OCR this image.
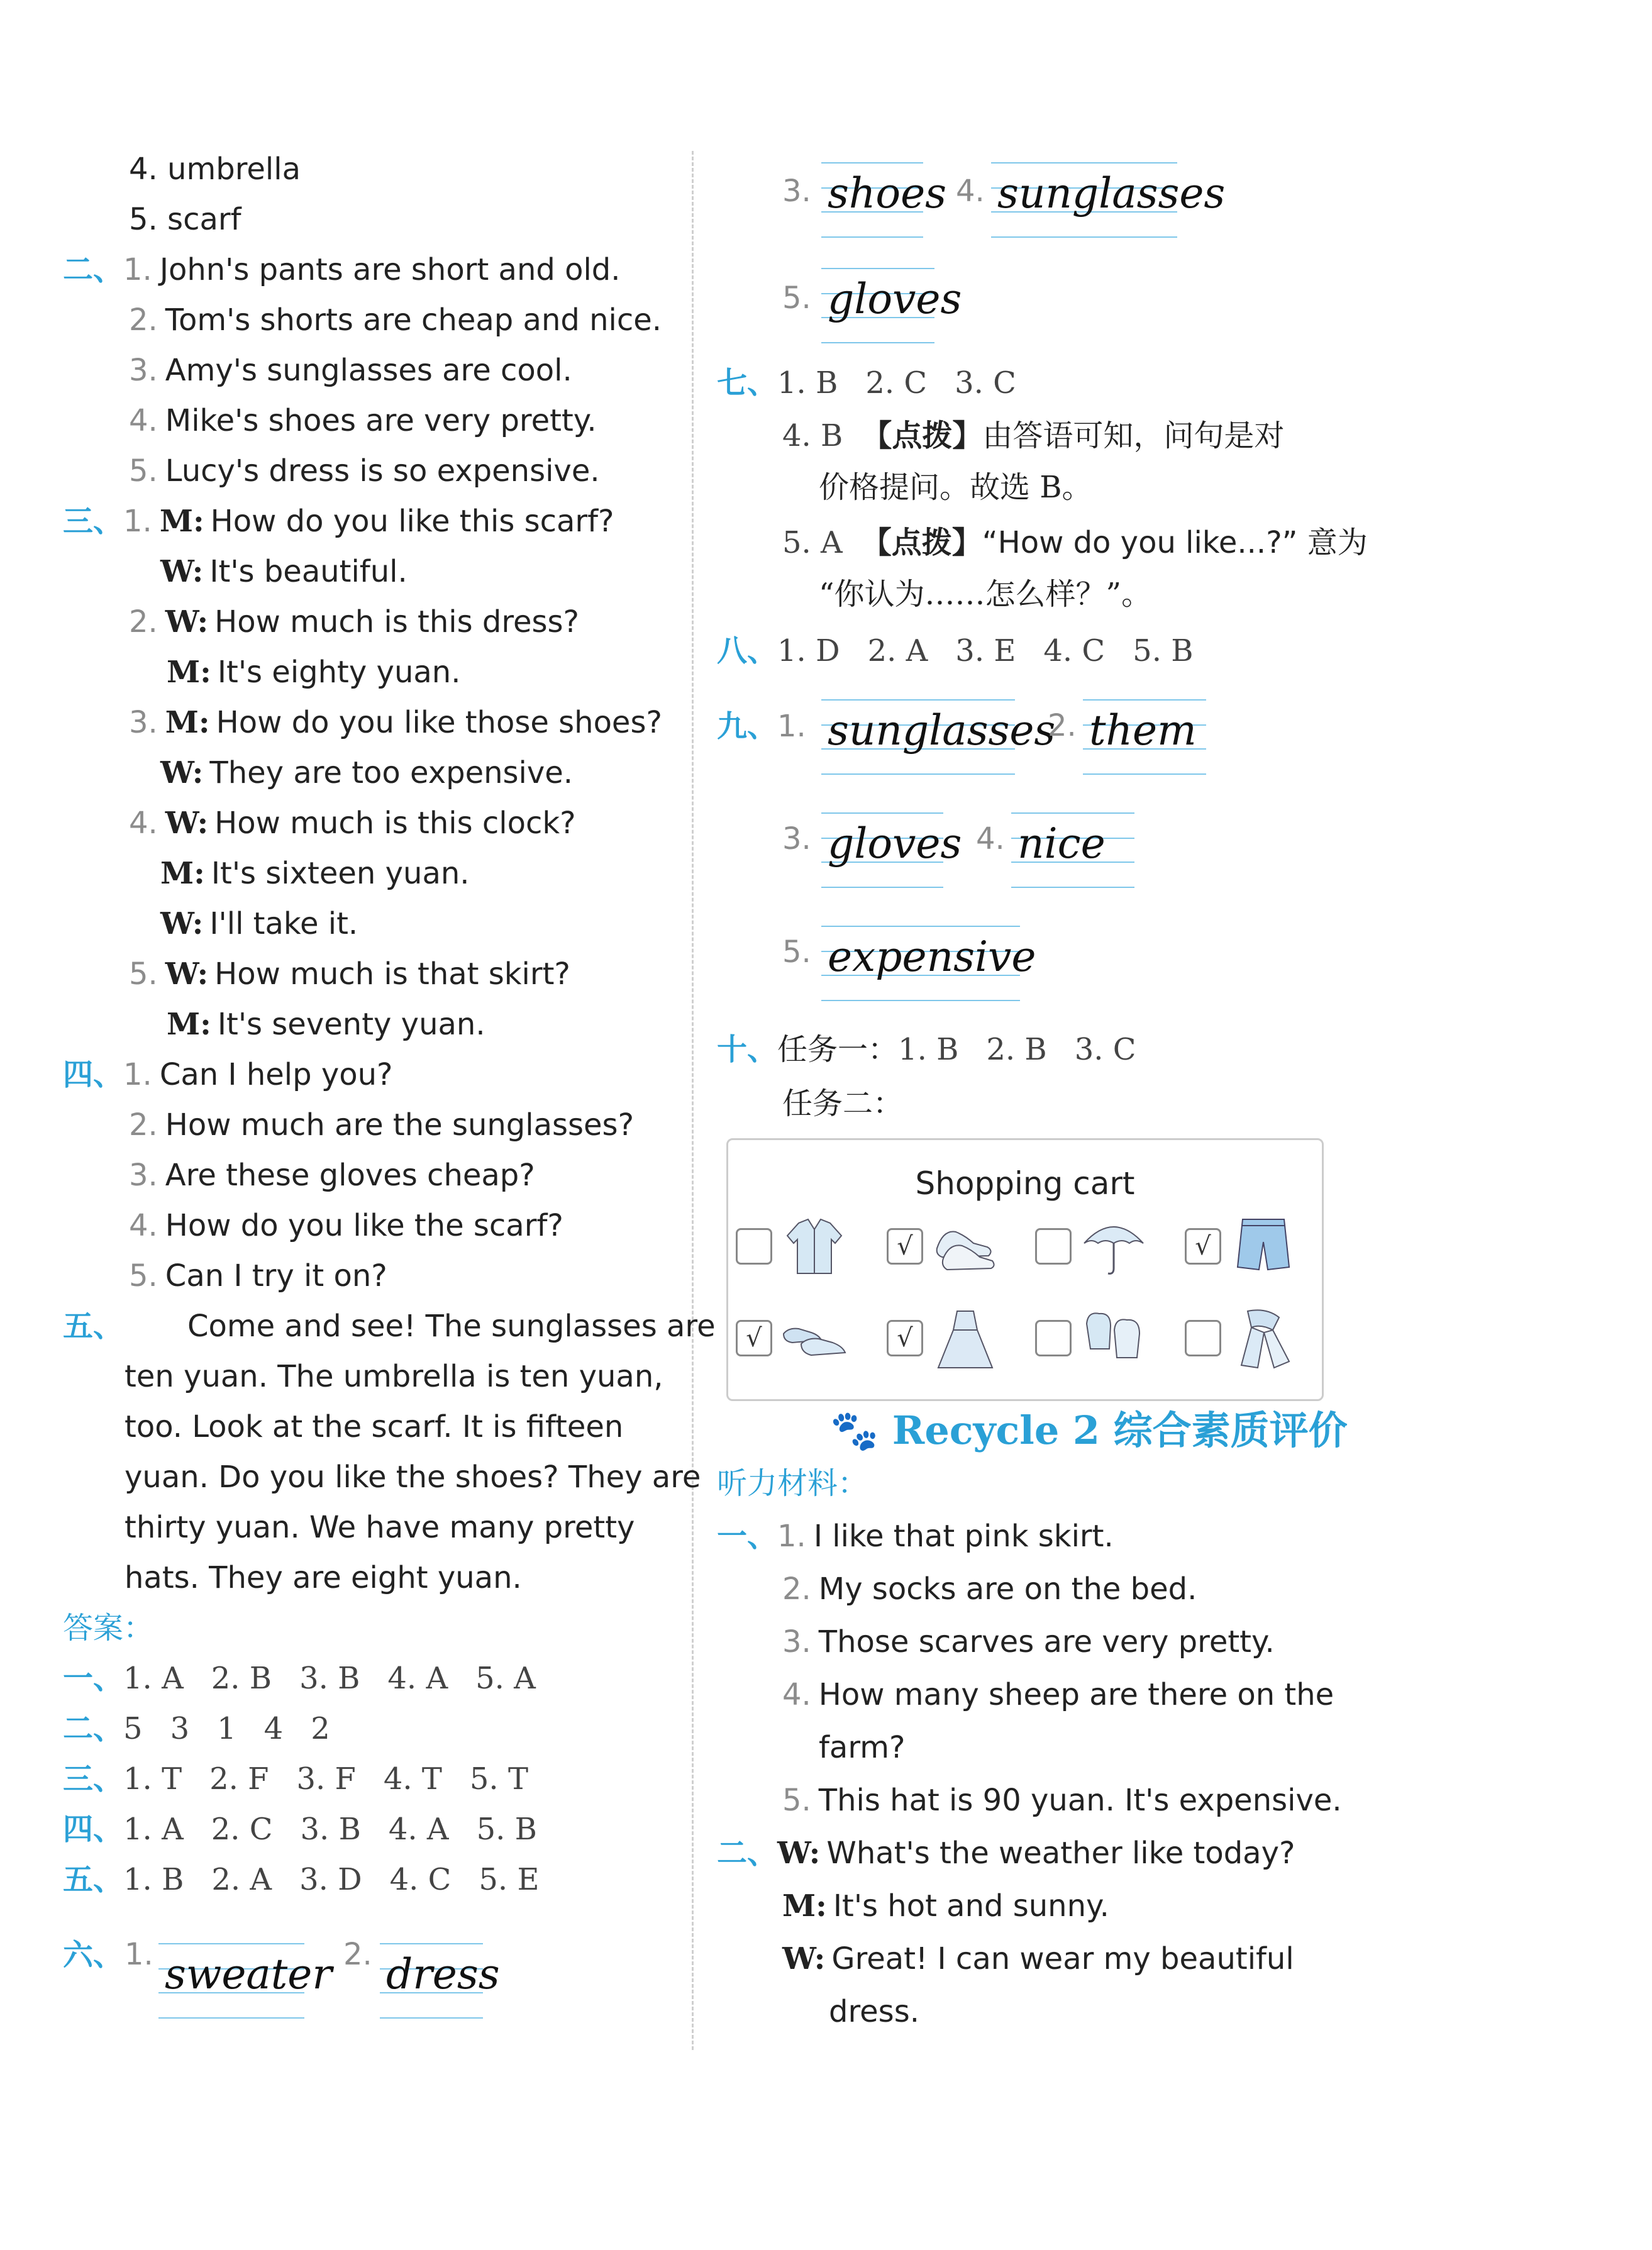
4. umbrella
5. scarf
二、1. John's pants are short and old.
2. Tom's shorts are cheap and nice.
3. Amy's sunglasses are cool.
4. Mike's shoes are very pretty.
5. Lucy's dress is so expensive.
三、1. M: How do you like this scarf?
W: It's beautiful.
2. W: How much is this dress?
M: It's eighty yuan.
3. M: How do you like those shoes?
W: They are too expensive.
4. W: How much is this clock?
M: It's sixteen yuan.
W: I'll take it.
5. W: How much is that skirt?
M: It's seventy yuan.
四、1. Can I help you?
2. How much are the sunglasses?
3. Are these gloves cheap?
4. How do you like the scarf?
5. Can I try it on?
五、 Come and see! The sunglasses are
ten yuan. The umbrella is ten yuan,
too. Look at the scarf. It is fifteen
yuan. Do you like the shoes? They are
thirty yuan. We have many pretty
hats. They are eight yuan.
答案：
一、1. A 2. B 3. B 4. A 5. A
二、5 3 1 4 2
三、1. T 2. F 3. F 4. T 5. T
四、1. A 2. C 3. B 4. A 5. B
五、1. B 2. A 3. D 4. C 5. E
六、 1. sweater 2. dress
3. shoes 4. sunglasses
5. gloves
七、1. B 2. C 3. C
4. B 【点拨】由答语可知，问句是对
价格提问。故选 B。
5. A 【点拨】“How do you like...?” 意为
“你认为……怎么样？”。
八、1. D 2. A 3. E 4. C 5. B
九、1. sunglasses
2. them
3. gloves 4. nice
5. expensive
十、任务一：1. B 2. B 3. C
任务二：
听力材料：
一、1. I like that pink skirt.
2. My socks are on the bed.
3. Those scarves are very pretty.
4. How many sheep are there on the
farm?
5. This hat is 90 yuan. It's expensive.
二、W: What's the weather like today?
M: It's hot and sunny.
W: Great! I can wear my beautiful
dress.
Shopping cart
√	√
√	√
🐾 Recycle 2 综合素质评价
